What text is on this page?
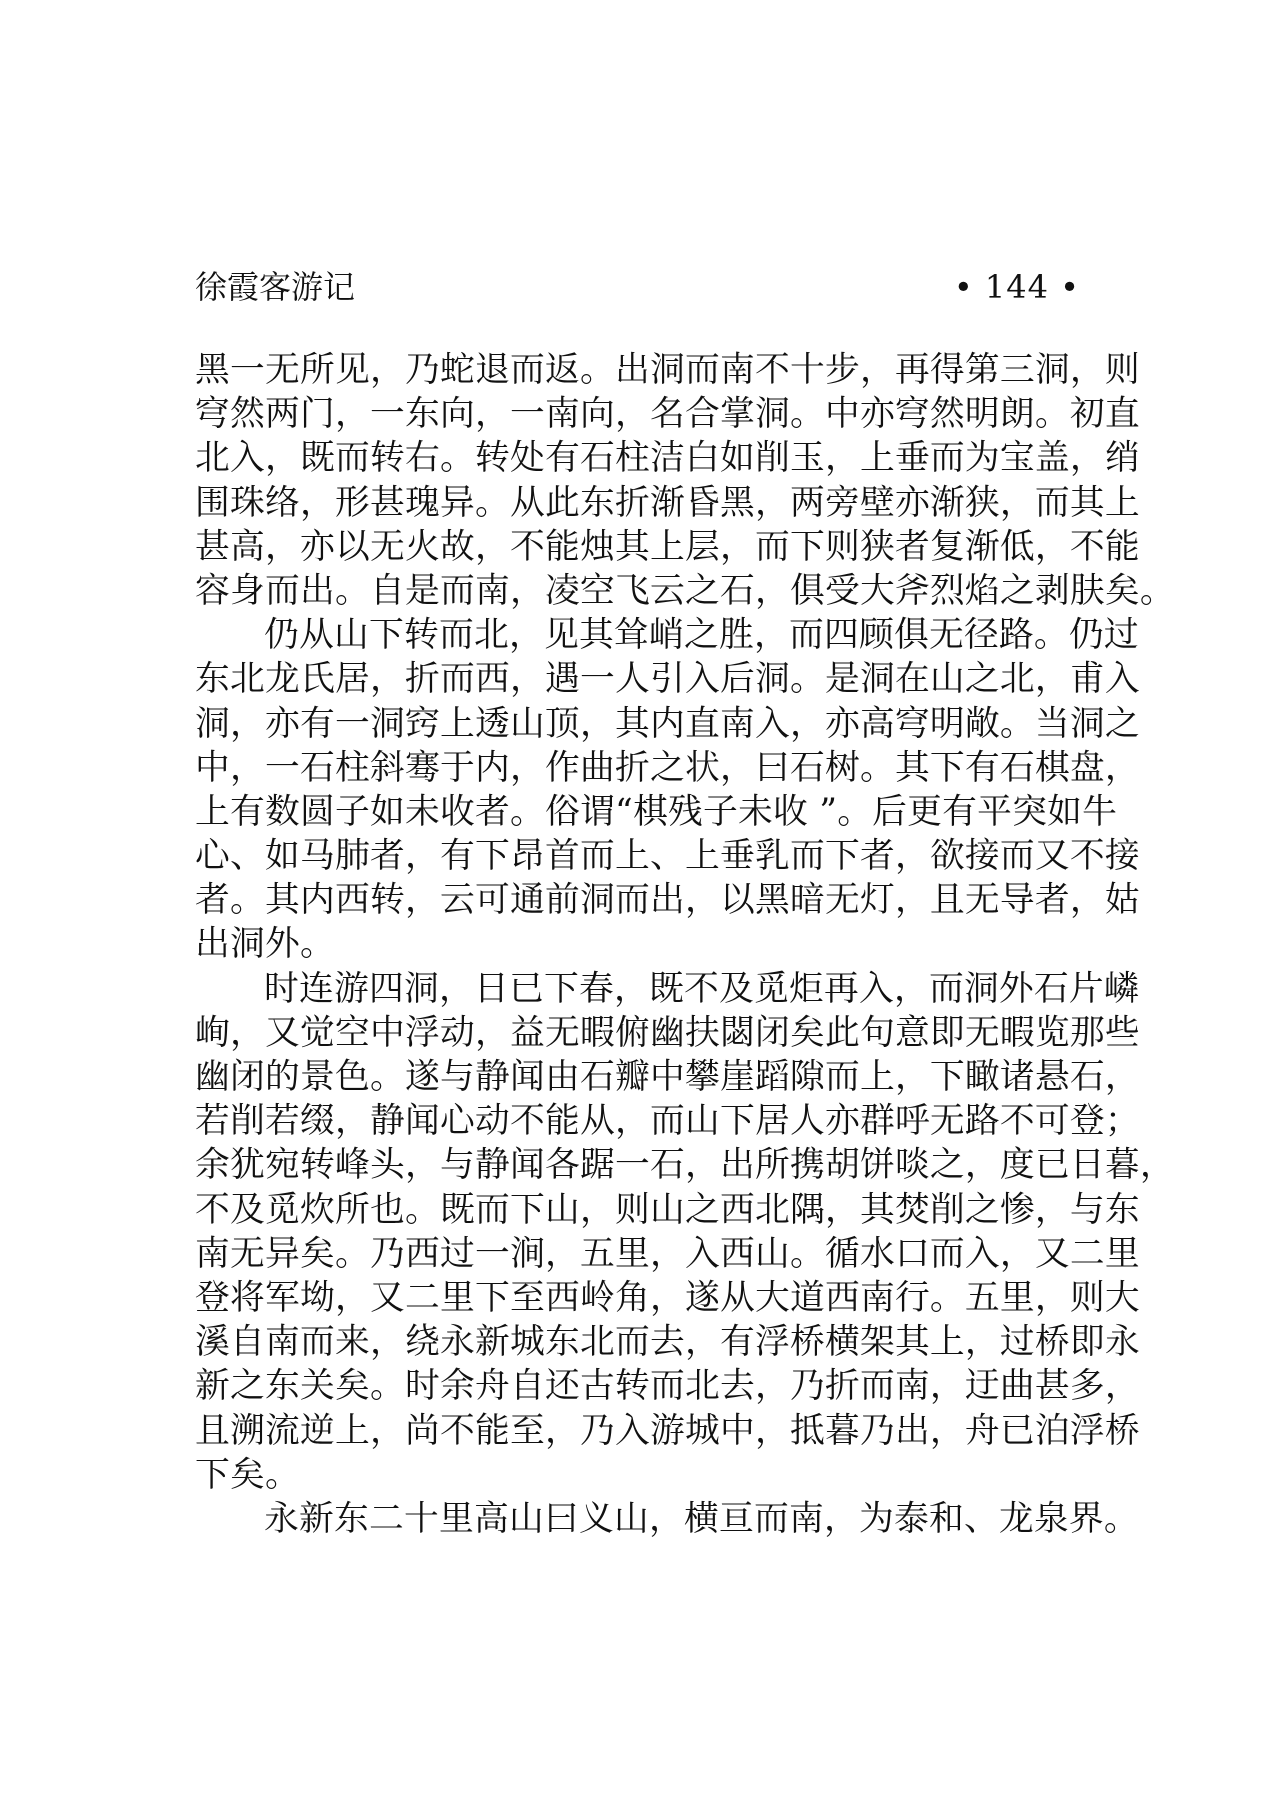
徐霞客游记	• 144 •
黑一无所见，乃蛇退而返。出洞而南不十步，再得第三洞，则
穹然两门，一东向，一南向，名合掌洞。中亦穹然明朗。初直
北入，既而转右。转处有石柱洁白如削玉，上垂而为宝盖，绡
围珠络，形甚瑰异。从此东折渐昏黑，两旁壁亦渐狭，而其上
甚高，亦以无火故，不能烛其上层，而下则狭者复渐低，不能
容身而出。自是而南，凌空飞云之石，俱受大斧烈焰之剥肤矣。
仍从山下转而北，见其耸峭之胜，而四顾俱无径路。仍过
东北龙氏居，折而西，遇一人引入后洞。是洞在山之北，甫入
洞，亦有一洞窍上透山顶，其内直南入，亦高穹明敞。当洞之
中，一石柱斜骞于内，作曲折之状，曰石树。其下有石棋盘，
上有数圆子如未收者。俗谓“棋残子未收 ”。后更有平突如牛
心、如马肺者，有下昂首而上、上垂乳而下者，欲接而又不接
者。其内西转，云可通前洞而出，以黑暗无灯，且无导者，姑
出洞外。
时连游四洞，日已下春，既不及觅炬再入，而洞外石片嶙
峋，又觉空中浮动，益无暇俯幽扶閟闭矣此句意即无暇览那些
幽闭的景色。遂与静闻由石瓣中攀崖蹈隙而上，下瞰诸悬石，
若削若缀，静闻心动不能从，而山下居人亦群呼无路不可登；
余犹宛转峰头，与静闻各踞一石，出所携胡饼啖之，度已日暮，
不及觅炊所也。既而下山，则山之西北隅，其焚削之惨，与东
南无异矣。乃西过一涧，五里，入西山。循水口而入，又二里
登将军坳，又二里下至西岭角，遂从大道西南行。五里，则大
溪自南而来，绕永新城东北而去，有浮桥横架其上，过桥即永
新之东关矣。时余舟自还古转而北去，乃折而南，迂曲甚多，
且溯流逆上，尚不能至，乃入游城中，抵暮乃出，舟已泊浮桥
下矣。
永新东二十里高山曰义山，横亘而南，为泰和、龙泉界。
